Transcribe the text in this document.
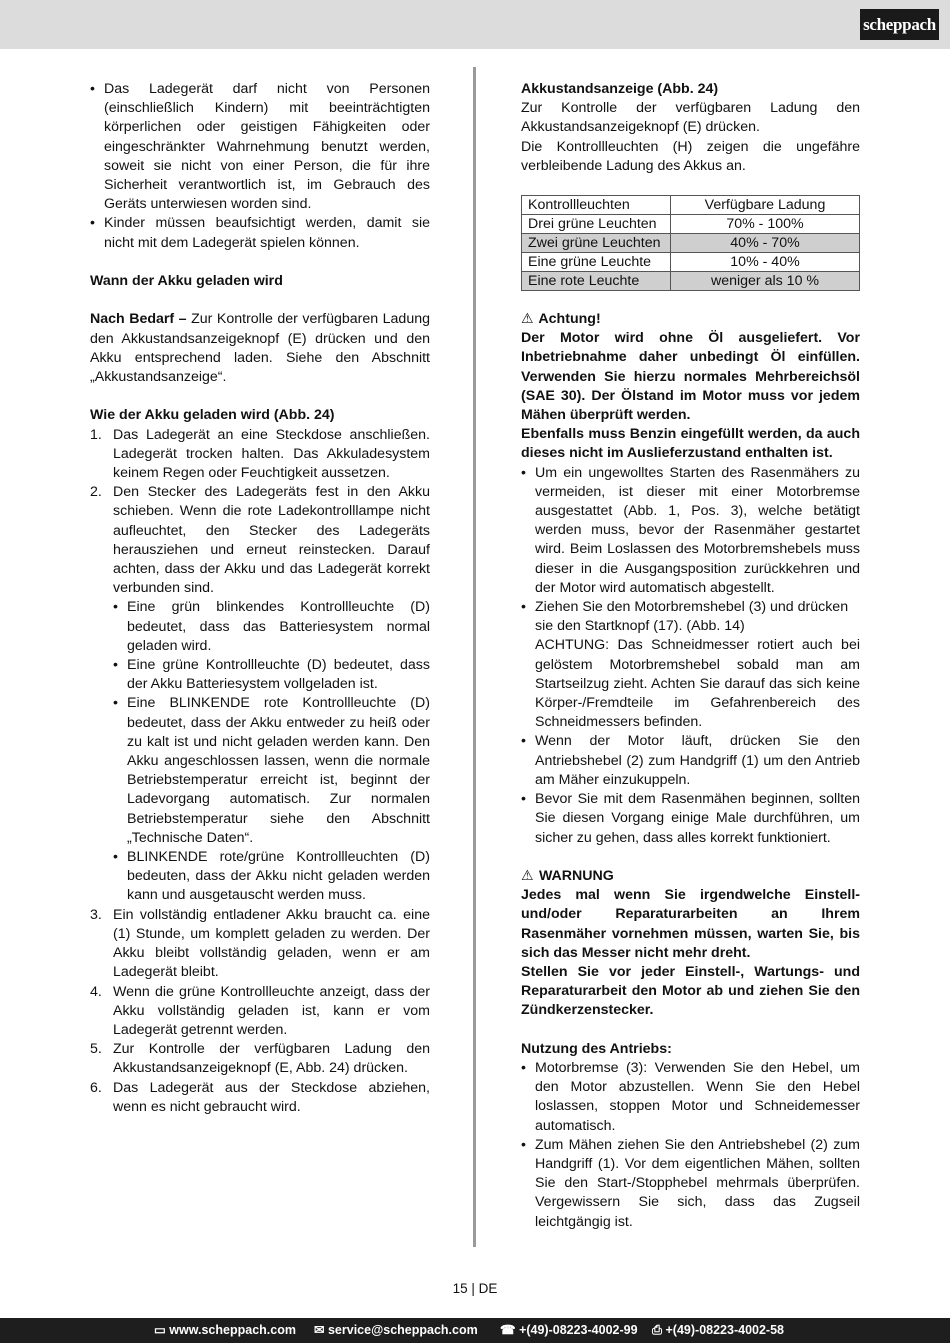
scheppach

• Das Ladegerät darf nicht von Personen (einschließlich Kindern) mit beeinträchtigten körperlichen oder geistigen Fähigkeiten oder eingeschränkter Wahrnehmung benutzt werden, soweit sie nicht von einer Person, die für ihre Sicherheit verantwortlich ist, im Gebrauch des Geräts unterwiesen worden sind.

• Kinder müssen beaufsichtigt werden, damit sie nicht mit dem Ladegerät spielen können.

Wann der Akku geladen wird

Nach Bedarf – Zur Kontrolle der verfügbaren Ladung den Akkustandsanzeigeknopf (E) drücken und den Akku entsprechend laden. Siehe den Abschnitt „Akkustandsanzeige“.

Wie der Akku geladen wird (Abb. 24)

1. Das Ladegerät an eine Steckdose anschließen. Ladegerät trocken halten. Das Akkuladesystem keinem Regen oder Feuchtigkeit aussetzen.
2. Den Stecker des Ladegeräts fest in den Akku schieben. Wenn die rote Ladekontrolllampe nicht aufleuchtet, den Stecker des Ladegeräts herausziehen und erneut reinstecken. Darauf achten, dass der Akku und das Ladegerät korrekt verbunden sind.

• Eine grün blinkendes Kontrollleuchte (D) bedeutet, dass das Batteriesystem normal geladen wird.

• Eine grüne Kontrollleuchte (D) bedeutet, dass der Akku Batteriesystem vollgeladen ist.

• Eine BLINKENDE rote Kontrollleuchte (D) bedeutet, dass der Akku entweder zu heiß oder zu kalt ist und nicht geladen werden kann. Den Akku angeschlossen lassen, wenn die normale Betriebstemperatur erreicht ist, beginnt der Ladevorgang automatisch. Zur normalen Betriebstemperatur siehe den Abschnitt „Technische Daten“.

• BLINKENDE rote/grüne Kontrollleuchten (D) bedeuten, dass der Akku nicht geladen werden kann und ausgetauscht werden muss.

3. Ein vollständig entladener Akku braucht ca. eine (1) Stunde, um komplett geladen zu werden. Der Akku bleibt vollständig geladen, wenn er am Ladegerät bleibt.
4. Wenn die grüne Kontrollleuchte anzeigt, dass der Akku vollständig geladen ist, kann er vom Ladegerät getrennt werden.
5. Zur Kontrolle der verfügbaren Ladung den Akkustandsanzeigeknopf (E, Abb. 24) drücken.
6. Das Ladegerät aus der Steckdose abziehen, wenn es nicht gebraucht wird.

Akkustandsanzeige (Abb. 24)

Zur Kontrolle der verfügbaren Ladung den Akkustandsanzeigeknopf (E) drücken.

Die Kontrollleuchten (H) zeigen die ungefähre verbleibende Ladung des Akkus an.

Kontrollleuchten	Verfügbare Ladung
Drei grüne Leuchten	70% - 100%
Zwei grüne Leuchten	40% - 70%
Eine grüne Leuchte	10% - 40%
Eine rote Leuchte	weniger als 10 %

⚠ Achtung!

Der Motor wird ohne Öl ausgeliefert. Vor Inbetriebnahme daher unbedingt Öl einfüllen. Verwenden Sie hierzu normales Mehrbereichsöl (SAE 30). Der Ölstand im Motor muss vor jedem Mähen überprüft werden.

Ebenfalls muss Benzin eingefüllt werden, da auch dieses nicht im Auslieferzustand enthalten ist.

• Um ein ungewolltes Starten des Rasenmähers zu vermeiden, ist dieser mit einer Motorbremse ausgestattet (Abb. 1, Pos. 3), welche betätigt werden muss, bevor der Rasenmäher gestartet wird. Beim Loslassen des Motorbremshebels muss dieser in die Ausgangsposition zurückkehren und der Motor wird automatisch abgestellt.

• Ziehen Sie den Motorbremshebel (3) und drücken sie den Startknopf (17). (Abb. 14)
ACHTUNG: Das Schneidmesser rotiert auch bei gelöstem Motorbremshebel sobald man am Startseilzug zieht. Achten Sie darauf das sich keine Körper-/Fremdteile im Gefahrenbereich des Schneidmessers befinden.

• Wenn der Motor läuft, drücken Sie den Antriebshebel (2) zum Handgriff (1) um den Antrieb am Mäher einzukuppeln.

• Bevor Sie mit dem Rasenmähen beginnen, sollten Sie diesen Vorgang einige Male durchführen, um sicher zu gehen, dass alles korrekt funktioniert.

⚠ WARNUNG

Jedes mal wenn Sie irgendwelche Einstell- und/oder Reparaturarbeiten an Ihrem Rasenmäher vornehmen müssen, warten Sie, bis sich das Messer nicht mehr dreht.

Stellen Sie vor jeder Einstell-, Wartungs- und Reparaturarbeit den Motor ab und ziehen Sie den Zündkerzenstecker.

Nutzung des Antriebs:

• Motorbremse (3): Verwenden Sie den Hebel, um den Motor abzustellen. Wenn Sie den Hebel loslassen, stoppen Motor und Schneidemesser automatisch.

• Zum Mähen ziehen Sie den Antriebshebel (2) zum Handgriff (1). Vor dem eigentlichen Mähen, sollten Sie den Start-/Stopphebel mehrmals überprüfen. Vergewissern Sie sich, dass das Zugseil leichtgängig ist.

15 | DE
▭ www.scheppach.com ✉ service@scheppach.com ☎ +(49)-08223-4002-99 ⎙ +(49)-08223-4002-58
